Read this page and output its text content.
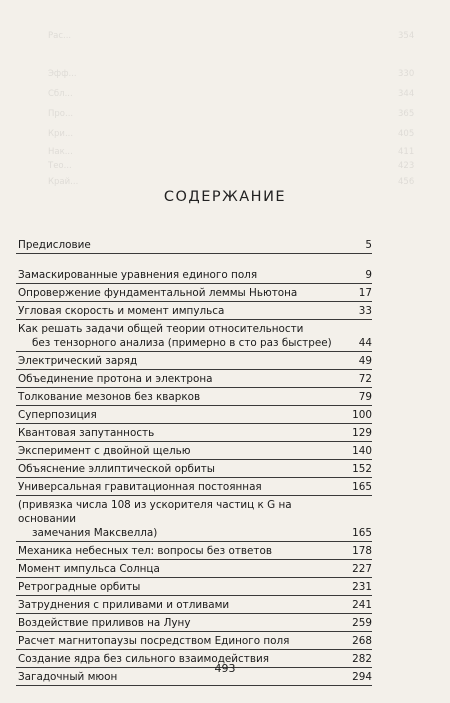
Рас...	354
Эфф...	330
Сбл...	344
Про...	365
Кри...	405
Нак...	411
Тео...	423
Край...	456
СОДЕРЖАНИЕ
Предисловие	5
Замаскированные уравнения единого поля	9
Опровержение фундаментальной леммы Ньютона	17
Угловая скорость и момент импульса	33
Как решать задачи общей теории относительности
без тензорного анализа (примерно в сто раз быстрее)	44
Электрический заряд	49
Объединение протона и электрона	72
Толкование мезонов без кварков	79
Суперпозиция	100
Квантовая запутанность	129
Эксперимент с двойной щелью	140
Объяснение эллиптической орбиты	152
Универсальная гравитационная постоянная	165
(привязка числа 108 из ускорителя частиц к G на основании
замечания Максвелла)	165
Механика небесных тел: вопросы без ответов	178
Момент импульса Солнца	227
Ретроградные орбиты	231
Затруднения с приливами и отливами	241
Воздействие приливов на Луну	259
Расчет магнитопаузы посредством Единого поля	268
Создание ядра без сильного взаимодействия	282
Загадочный мюон	294
493
